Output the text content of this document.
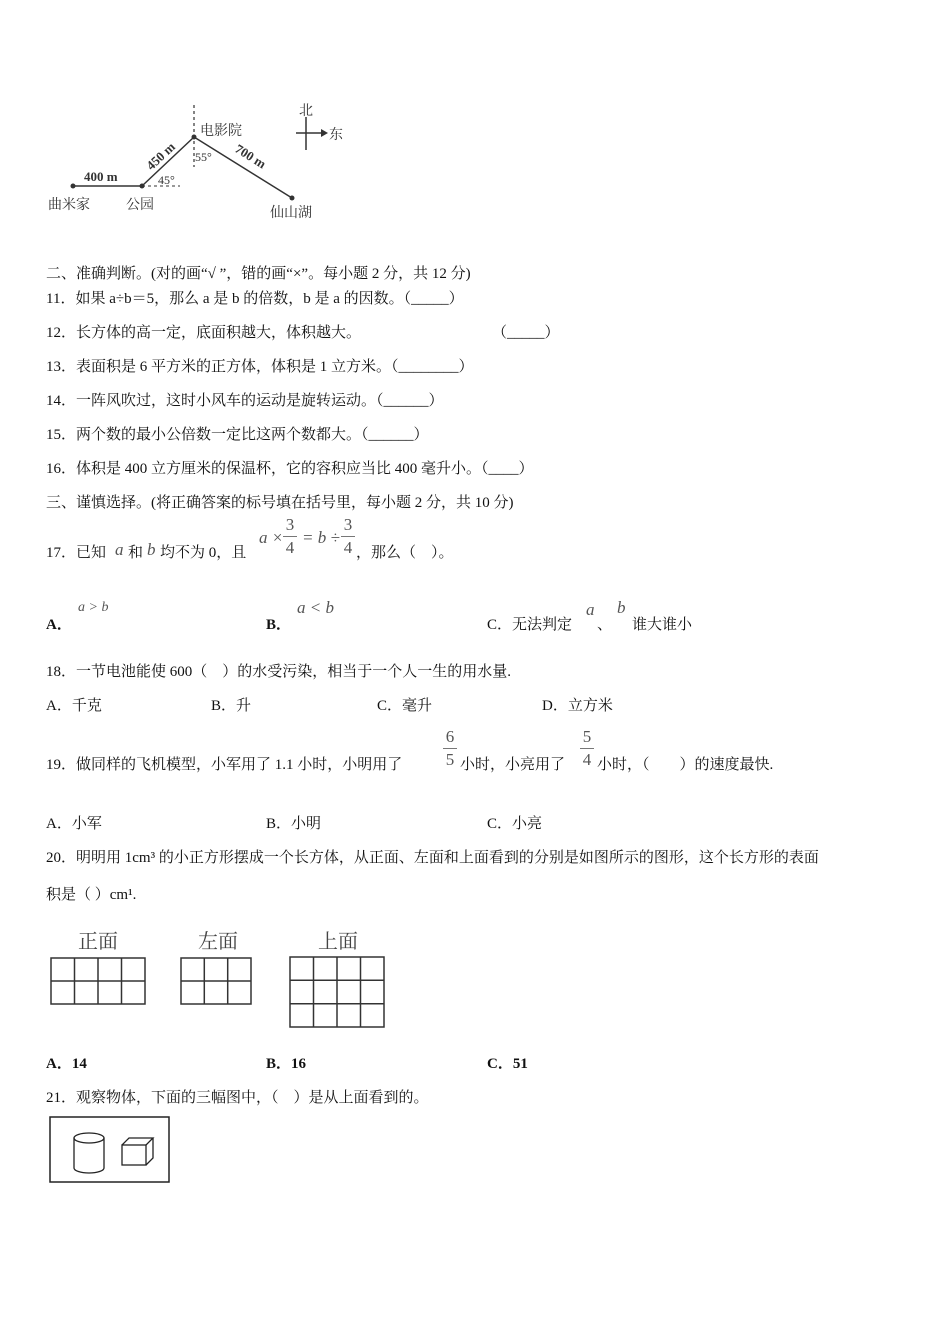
北
东
电影院
公园
曲米家
仙山湖
400 m
450 m	700 m
45°
55°
二、准确判断。(对的画“√ ”，错的画“×”。每小题 2 分，共 12 分)
11．如果 a÷b＝5，那么 a 是 b 的倍数，b 是 a 的因数。（_____）
12．长方体的高一定，底面积越大，体积越大。	（_____）
13．表面积是 6 平方米的正方体，体积是 1 立方米。（________）
14．一阵风吹过，这时小风车的运动是旋转运动。（______）
15．两个数的最小公倍数一定比这两个数都大。（______）
16．体积是 400 立方厘米的保温杯，它的容积应当比 400 毫升小。（____）
三、谨慎选择。(将正确答案的标号填在括号里，每小题 2 分，共 10 分)
17．已知 a 和 b 均不为 0，且
a ×
3
4
= b ÷
3
4 ，那么（　）。
A．
a > b
B．
a < b
C．无法判定
a
、
b
谁大谁小
18．一节电池能使 600（　）的水受污染，相当于一个人一生的用水量.
A．千克	B．升	C．毫升	D．立方米
19．做同样的飞机模型，小军用了 1.1 小时，小明用了
6
5 小时，小亮用了
5
4 小时，（　　）的速度最快.
A．小军	B．小明	C．小亮
20．明明用 1cm³ 的小正方形摆成一个长方体，从正面、左面和上面看到的分别是如图所示的图形，这个长方形的表面
积是（ ）cm¹.
正面	左面	上面
A．14	B．16	C．51
21．观察物体，下面的三幅图中，（　）是从上面看到的。
